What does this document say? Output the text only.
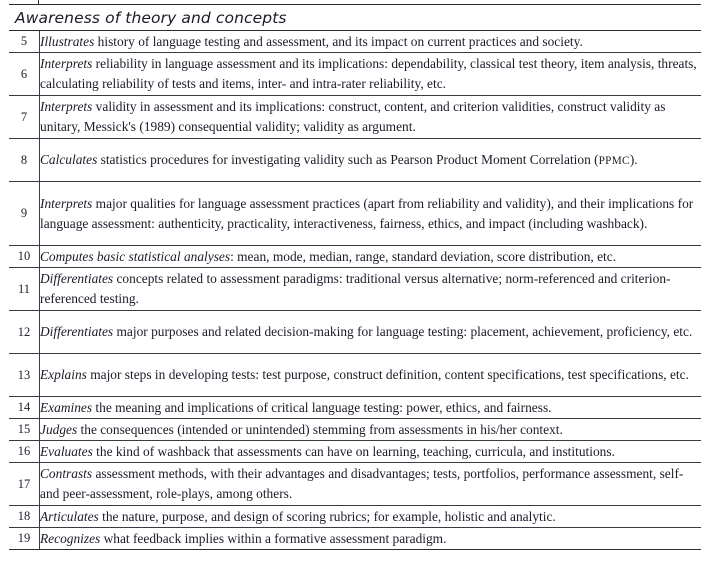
Awareness of theory and concepts
5	Illustrates history of language testing and assessment, and its impact on current practices and society.
6	Interprets reliability in language assessment and its implications: dependability, classical test theory, item analysis, threats, calculating reliability of tests and items, inter- and intra-rater reliability, etc.
7	Interprets validity in assessment and its implications: construct, content, and criterion validities, construct validity as unitary, Messick's (1989) consequential validity; validity as argument.
8	Calculates statistics procedures for investigating validity such as Pearson Product Moment Correlation (PPMC).
9	Interprets major qualities for language assessment practices (apart from reliability and validity), and their implications for language assessment: authenticity, practicality, interactiveness, fairness, ethics, and impact (including washback).
10	Computes basic statistical analyses: mean, mode, median, range, standard deviation, score distribution, etc.
11	Differentiates concepts related to assessment paradigms: traditional versus alternative; norm-referenced and criterion-referenced testing.
12	Differentiates major purposes and related decision-making for language testing: placement, achievement, proficiency, etc.
13	Explains major steps in developing tests: test purpose, construct definition, content specifications, test specifications, etc.
14	Examines the meaning and implications of critical language testing: power, ethics, and fairness.
15	Judges the consequences (intended or unintended) stemming from assessments in his/her context.
16	Evaluates the kind of washback that assessments can have on learning, teaching, curricula, and institutions.
17	Contrasts assessment methods, with their advantages and disadvantages; tests, portfolios, performance assessment, self- and peer-assessment, role-plays, among others.
18	Articulates the nature, purpose, and design of scoring rubrics; for example, holistic and analytic.
19	Recognizes what feedback implies within a formative assessment paradigm.
